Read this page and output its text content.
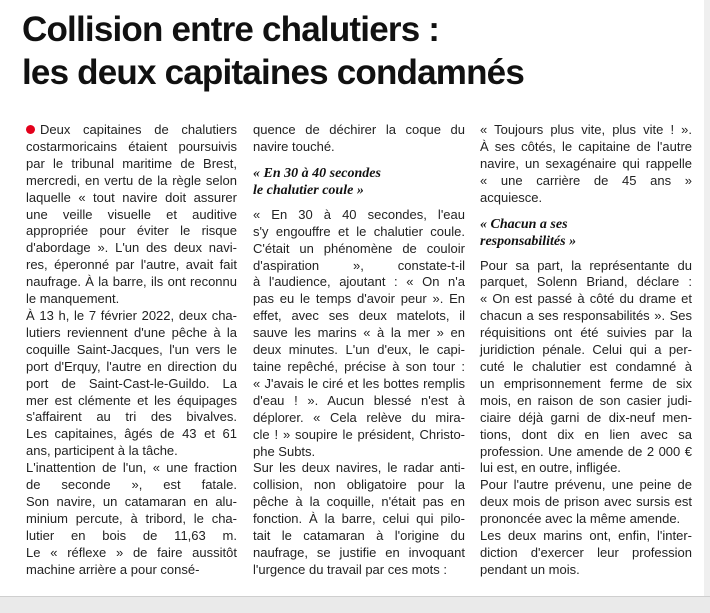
Collision entre chalutiers :
les deux capitaines condamnés

Deux capitaines de chalutiers
costarmoricains étaient poursuivis
par le tribunal maritime de Brest,
mercredi, en vertu de la règle selon
laquelle « tout navire doit assurer
une veille visuelle et auditive
appropriée pour éviter le risque
d'abordage ». L'un des deux navi-
res, éperonné par l'autre, avait fait
naufrage. À la barre, ils ont reconnu
le manquement.

À 13 h, le 7 février 2022, deux cha-
lutiers reviennent d'une pêche à la
coquille Saint-Jacques, l'un vers le
port d'Erquy, l'autre en direction du
port de Saint-Cast-le-Guildo. La
mer est clémente et les équipages
s'affairent au tri des bivalves.
Les capitaines, âgés de 43 et 61
ans, participent à la tâche.

L'inattention de l'un, « une fraction
de seconde », est fatale.
Son navire, un catamaran en alu-
minium percute, à tribord, le cha-
lutier en bois de 11,63 m.
Le « réflexe » de faire aussitôt
machine arrière a pour consé-

quence de déchirer la coque du
navire touché.

« En 30 à 40 secondes
le chalutier coule »

« En 30 à 40 secondes, l'eau
s'y engouffre et le chalutier coule.
C'était un phénomène de couloir
d'aspiration », constate-t-il
à l'audience, ajoutant : « On n'a
pas eu le temps d'avoir peur ». En
effet, avec ses deux matelots, il
sauve les marins « à la mer » en
deux minutes. L'un d'eux, le capi-
taine repêché, précise à son tour :
« J'avais le ciré et les bottes remplis
d'eau ! ». Aucun blessé n'est à
déplorer. « Cela relève du mira-
cle ! » soupire le président, Christo-
phe Subts.

Sur les deux navires, le radar anti-
collision, non obligatoire pour la
pêche à la coquille, n'était pas en
fonction. À la barre, celui qui pilo-
tait le catamaran à l'origine du
naufrage, se justifie en invoquant
l'urgence du travail par ces mots :

« Toujours plus vite, plus vite ! ».
À ses côtés, le capitaine de l'autre
navire, un sexagénaire qui rappelle
« une carrière de 45 ans »
acquiesce.

« Chacun a ses
responsabilités »

Pour sa part, la représentante du
parquet, Solenn Briand, déclare :
« On est passé à côté du drame et
chacun a ses responsabilités ». Ses
réquisitions ont été suivies par la
juridiction pénale. Celui qui a per-
cuté le chalutier est condamné à
un emprisonnement ferme de six
mois, en raison de son casier judi-
ciaire déjà garni de dix-neuf men-
tions, dont dix en lien avec sa
profession. Une amende de 2 000 €
lui est, en outre, infligée.

Pour l'autre prévenu, une peine de
deux mois de prison avec sursis est
prononcée avec la même amende.

Les deux marins ont, enfin, l'inter-
diction d'exercer leur profession
pendant un mois.
